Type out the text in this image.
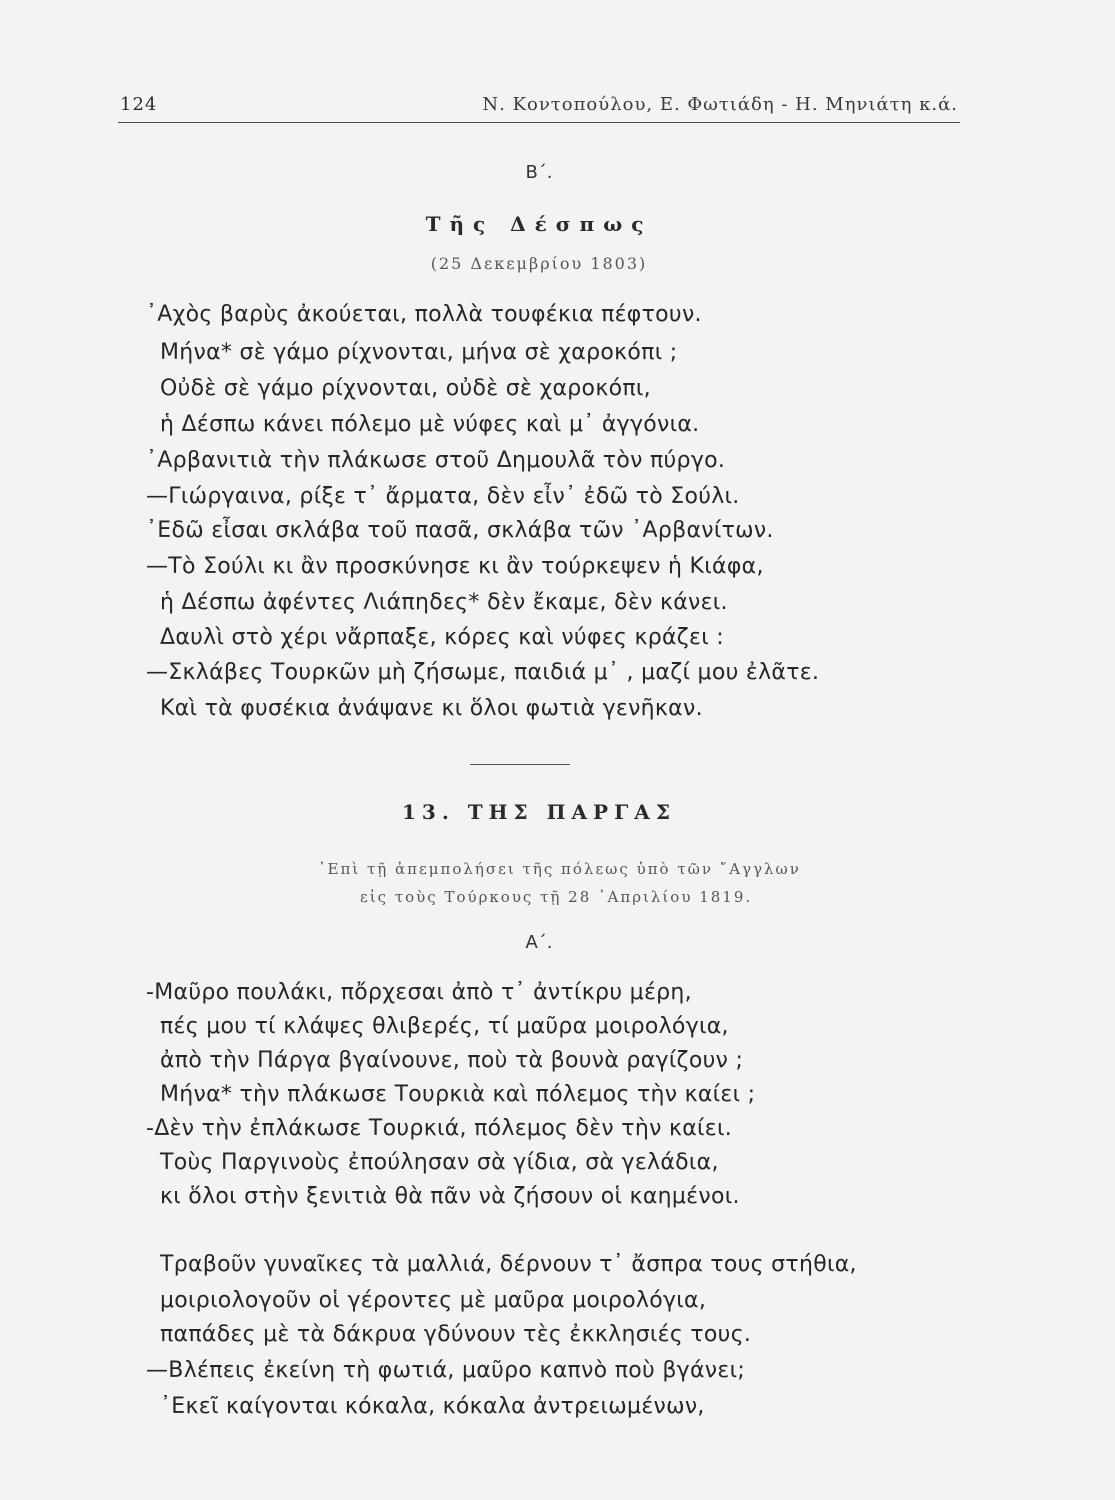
124	Ν. Κοντοπούλου, Ε. Φωτιάδη - Η. Μηνιάτη κ.ά.
Β΄.
Τῆς Δέσπως
(25 Δεκεμβρίου 1803)
᾿Αχὸς βαρὺς ἀκούεται, πολλὰ τουφέκια πέφτουν.
Μήνα* σὲ γάμο ρίχνονται, μήνα σὲ χαροκόπι ;
Οὐδὲ σὲ γάμο ρίχνονται, οὐδὲ σὲ χαροκόπι,
ἡ Δέσπω κάνει πόλεμο μὲ νύφες καὶ μ᾿ ἀγγόνια.
᾿Αρβανιτιὰ τὴν πλάκωσε στοῦ Δημουλᾶ τὸν πύργο.
—Γιώργαινα, ρίξε τ᾿ ἄρματα, δὲν εἶν᾿ ἐδῶ τὸ Σούλι.
᾿Εδῶ εἶσαι σκλάβα τοῦ πασᾶ, σκλάβα τῶν ᾿Αρβανίτων.
—Τὸ Σούλι κι ἂν προσκύνησε κι ἂν τούρκεψεν ἡ Κιάφα,
ἡ Δέσπω ἀφέντες Λιάπηδες* δὲν ἔκαμε, δὲν κάνει.
Δαυλὶ στὸ χέρι νἄρπαξε, κόρες καὶ νύφες κράζει :
—Σκλάβες Τουρκῶν μὴ ζήσωμε, παιδιά μ᾿ , μαζί μου ἐλᾶτε.
Καὶ τὰ φυσέκια ἀνάψανε κι ὅλοι φωτιὰ γενῆκαν.
13. ΤΗΣ ΠΑΡΓΑΣ
᾿Επὶ τῇ ἀπεμπολήσει τῆς πόλεως ὑπὸ τῶν ῎Αγγλων
εἰς τοὺς Τούρκους τῇ 28 ᾿Απριλίου 1819.
Α΄.
-Μαῦρο πουλάκι, πὄρχεσαι ἀπὸ τ᾿ ἀντίκρυ μέρη,
πές μου τί κλάψες θλιβερές, τί μαῦρα μοιρολόγια,
ἀπὸ τὴν Πάργα βγαίνουνε, ποὺ τὰ βουνὰ ραγίζουν ;
Μήνα* τὴν πλάκωσε Τουρκιὰ καὶ πόλεμος τὴν καίει ;
-Δὲν τὴν ἐπλάκωσε Τουρκιά, πόλεμος δὲν τὴν καίει.
Τοὺς Παργινοὺς ἐπούλησαν σὰ γίδια, σὰ γελάδια,
κι ὅλοι στὴν ξενιτιὰ θὰ πᾶν νὰ ζήσουν οἱ καημένοι.
Τραβοῦν γυναῖκες τὰ μαλλιά, δέρνουν τ᾿ ἄσπρα τους στήθια,
μοιριολογοῦν οἱ γέροντες μὲ μαῦρα μοιρολόγια,
παπάδες μὲ τὰ δάκρυα γδύνουν τὲς ἐκκλησιές τους.
—Βλέπεις ἐκείνη τὴ φωτιά, μαῦρο καπνὸ ποὺ βγάνει;
᾿Εκεῖ καίγονται κόκαλα, κόκαλα ἀντρειωμένων,
